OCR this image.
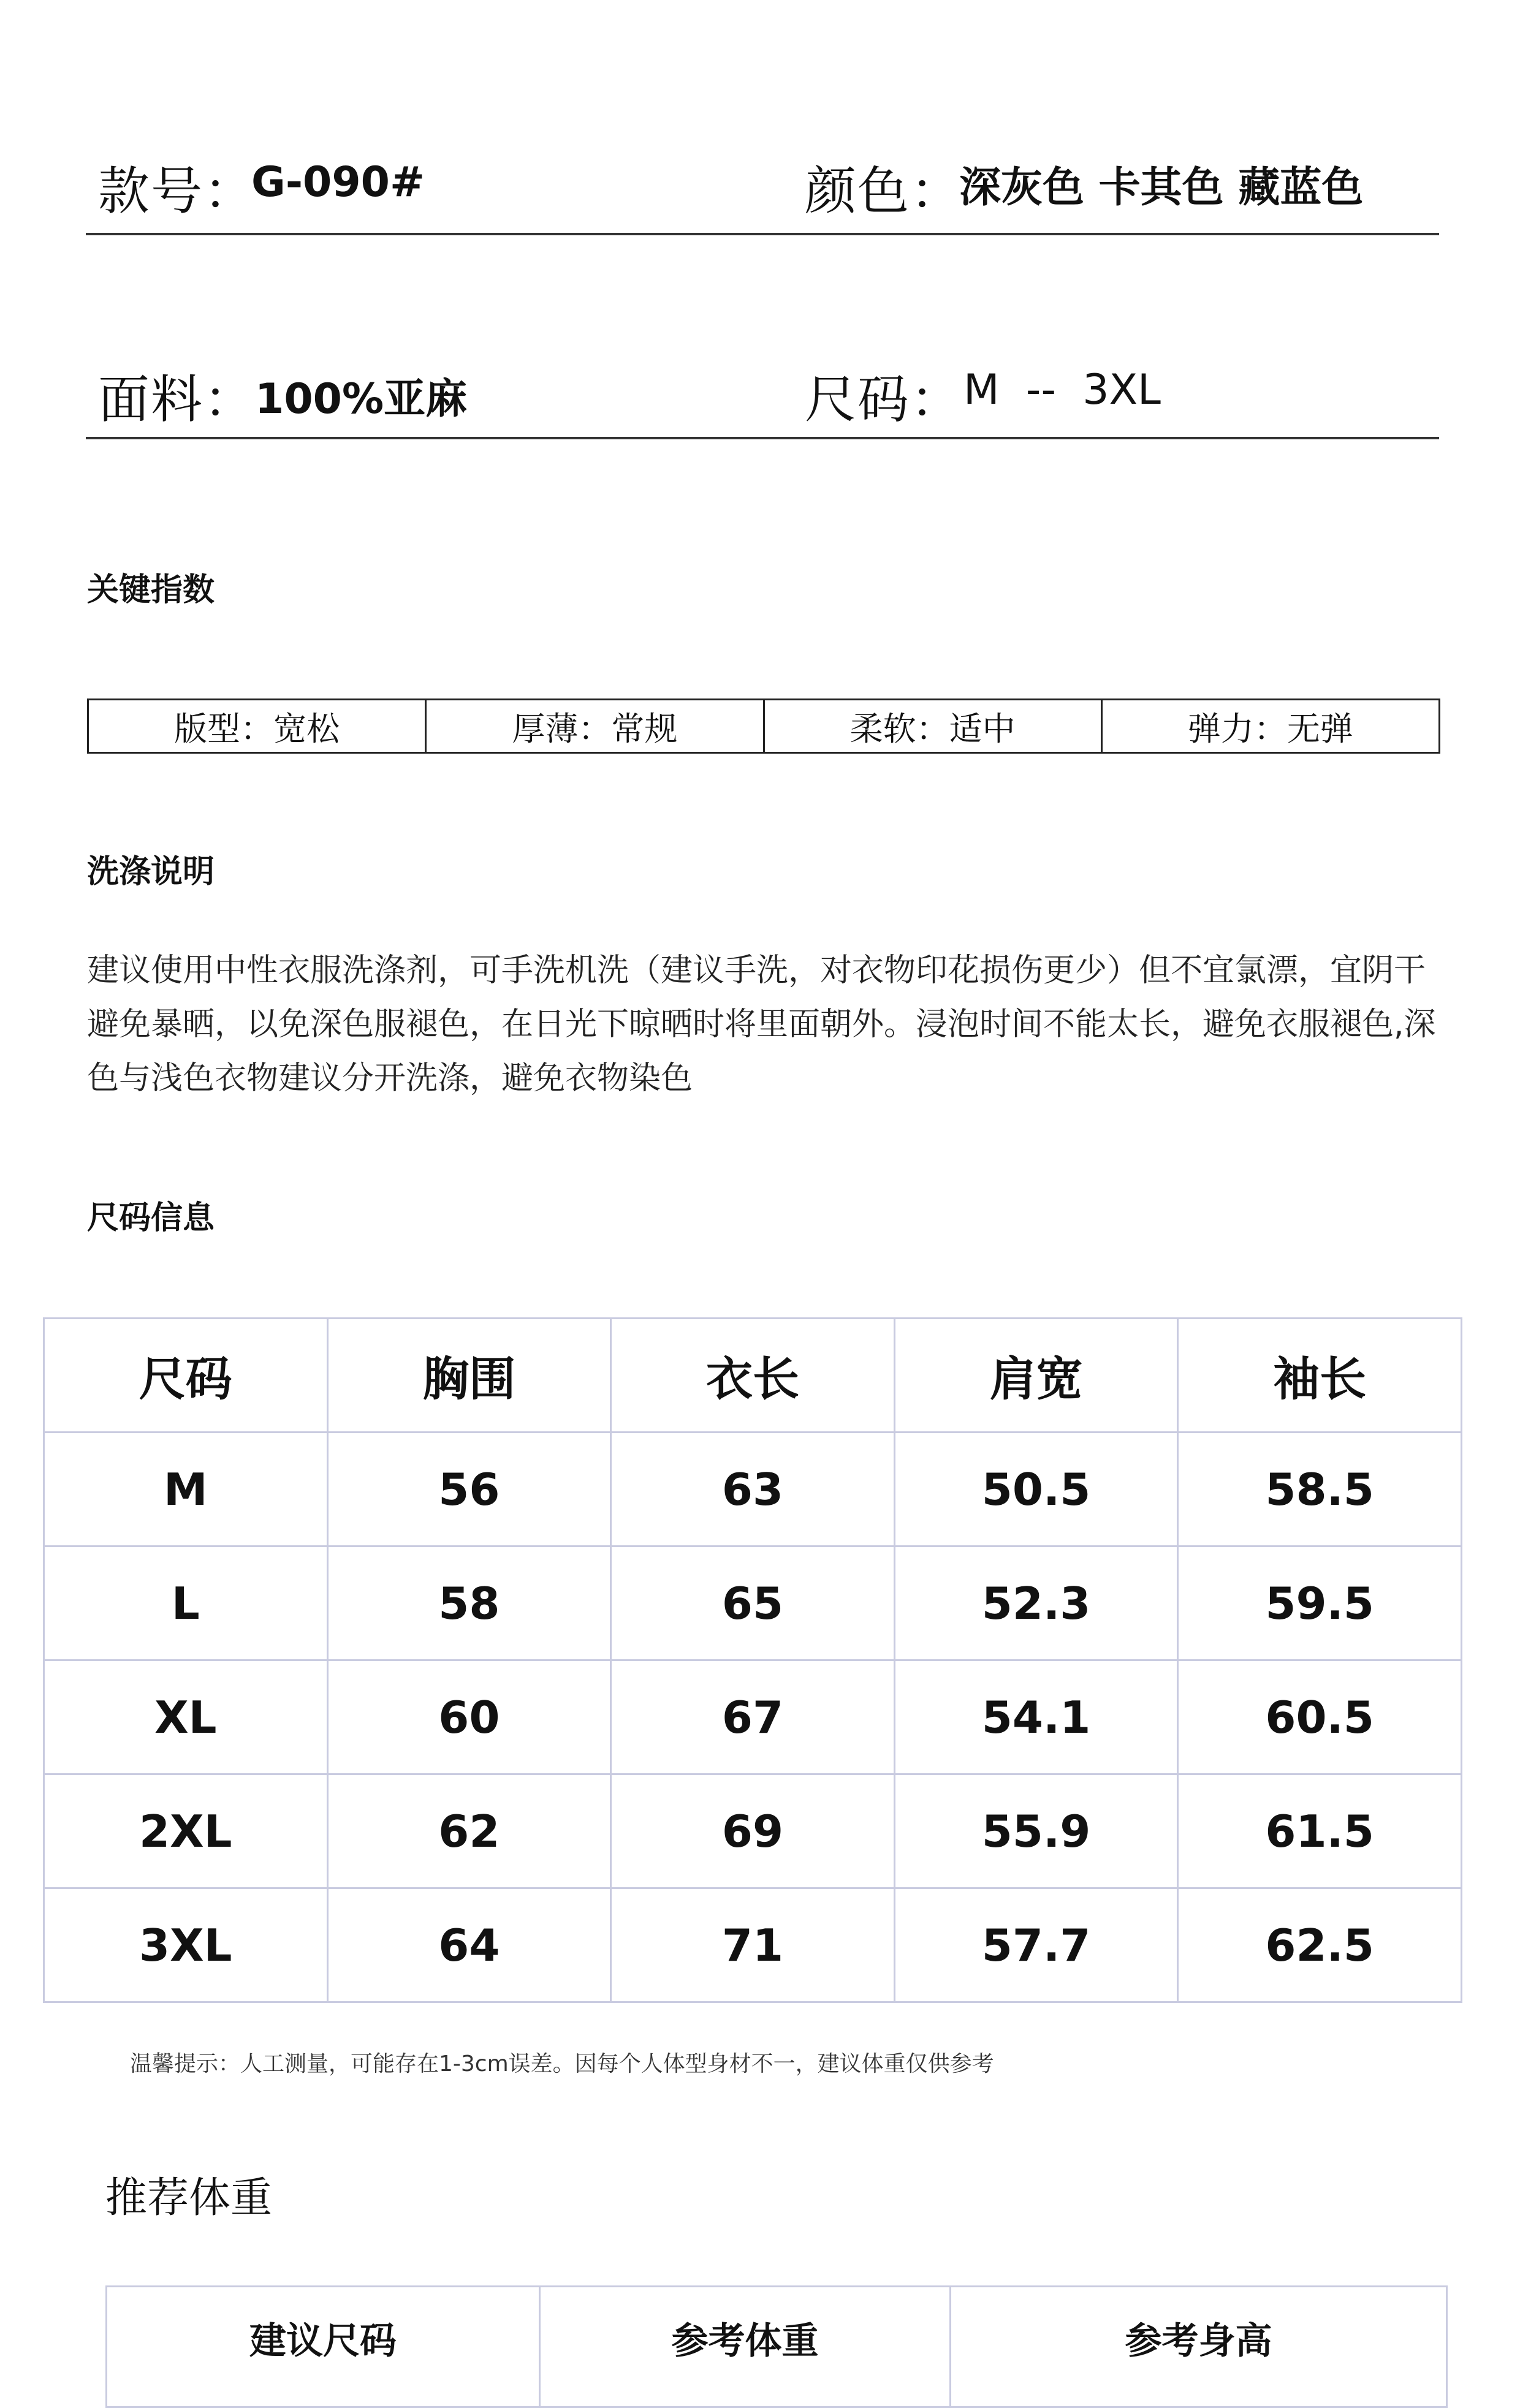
款号：
G-090#	颜色：
深灰色 卡其色 藏蓝色
面料：
100%亚麻	尺码： M  --  3XL
关键指数
版型：宽松	厚薄：常规	柔软：适中	弹力：无弹
洗涤说明
建议使用中性衣服洗涤剂，可手洗机洗（建议手洗，对衣物印花损伤更少）但不宜氯漂，宜阴干避免暴晒，以免深色服褪色，在日光下晾晒时将里面朝外。浸泡时间不能太长，避免衣服褪色,深色与浅色衣物建议分开洗涤，避免衣物染色
尺码信息
尺码	胸围	衣长	肩宽	袖长
M	56	63	50.5	58.5
L	58	65	52.3	59.5
XL	60	67	54.1	60.5
2XL	62	69	55.9	61.5
3XL	64	71	57.7	62.5
温馨提示：人工测量，可能存在1-3cm误差。因每个人体型身材不一，建议体重仅供参考
推荐体重
建议尺码	参考体重	参考身高
